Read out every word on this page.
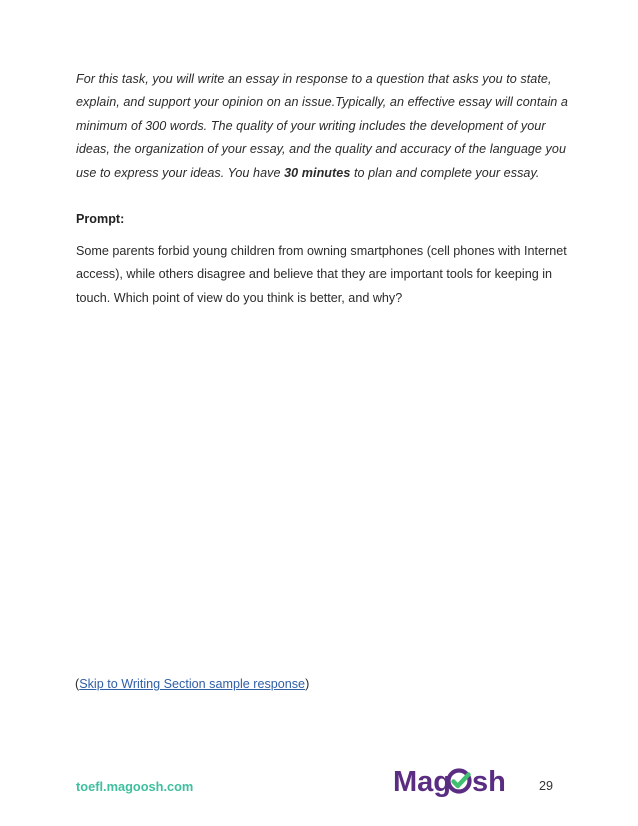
For this task, you will write an essay in response to a question that asks you to state, explain, and support your opinion on an issue.Typically, an effective essay will contain a minimum of 300 words. The quality of your writing includes the development of your ideas, the organization of your essay, and the quality and accuracy of the language you use to express your ideas. You have 30 minutes to plan and complete your essay.

Prompt:

Some parents forbid young children from owning smartphones (cell phones with Internet access), while others disagree and believe that they are important tools for keeping in touch. Which point of view do you think is better, and why?

(Skip to Writing Section sample response)
toefl.magoosh.com	Mag sh	29
